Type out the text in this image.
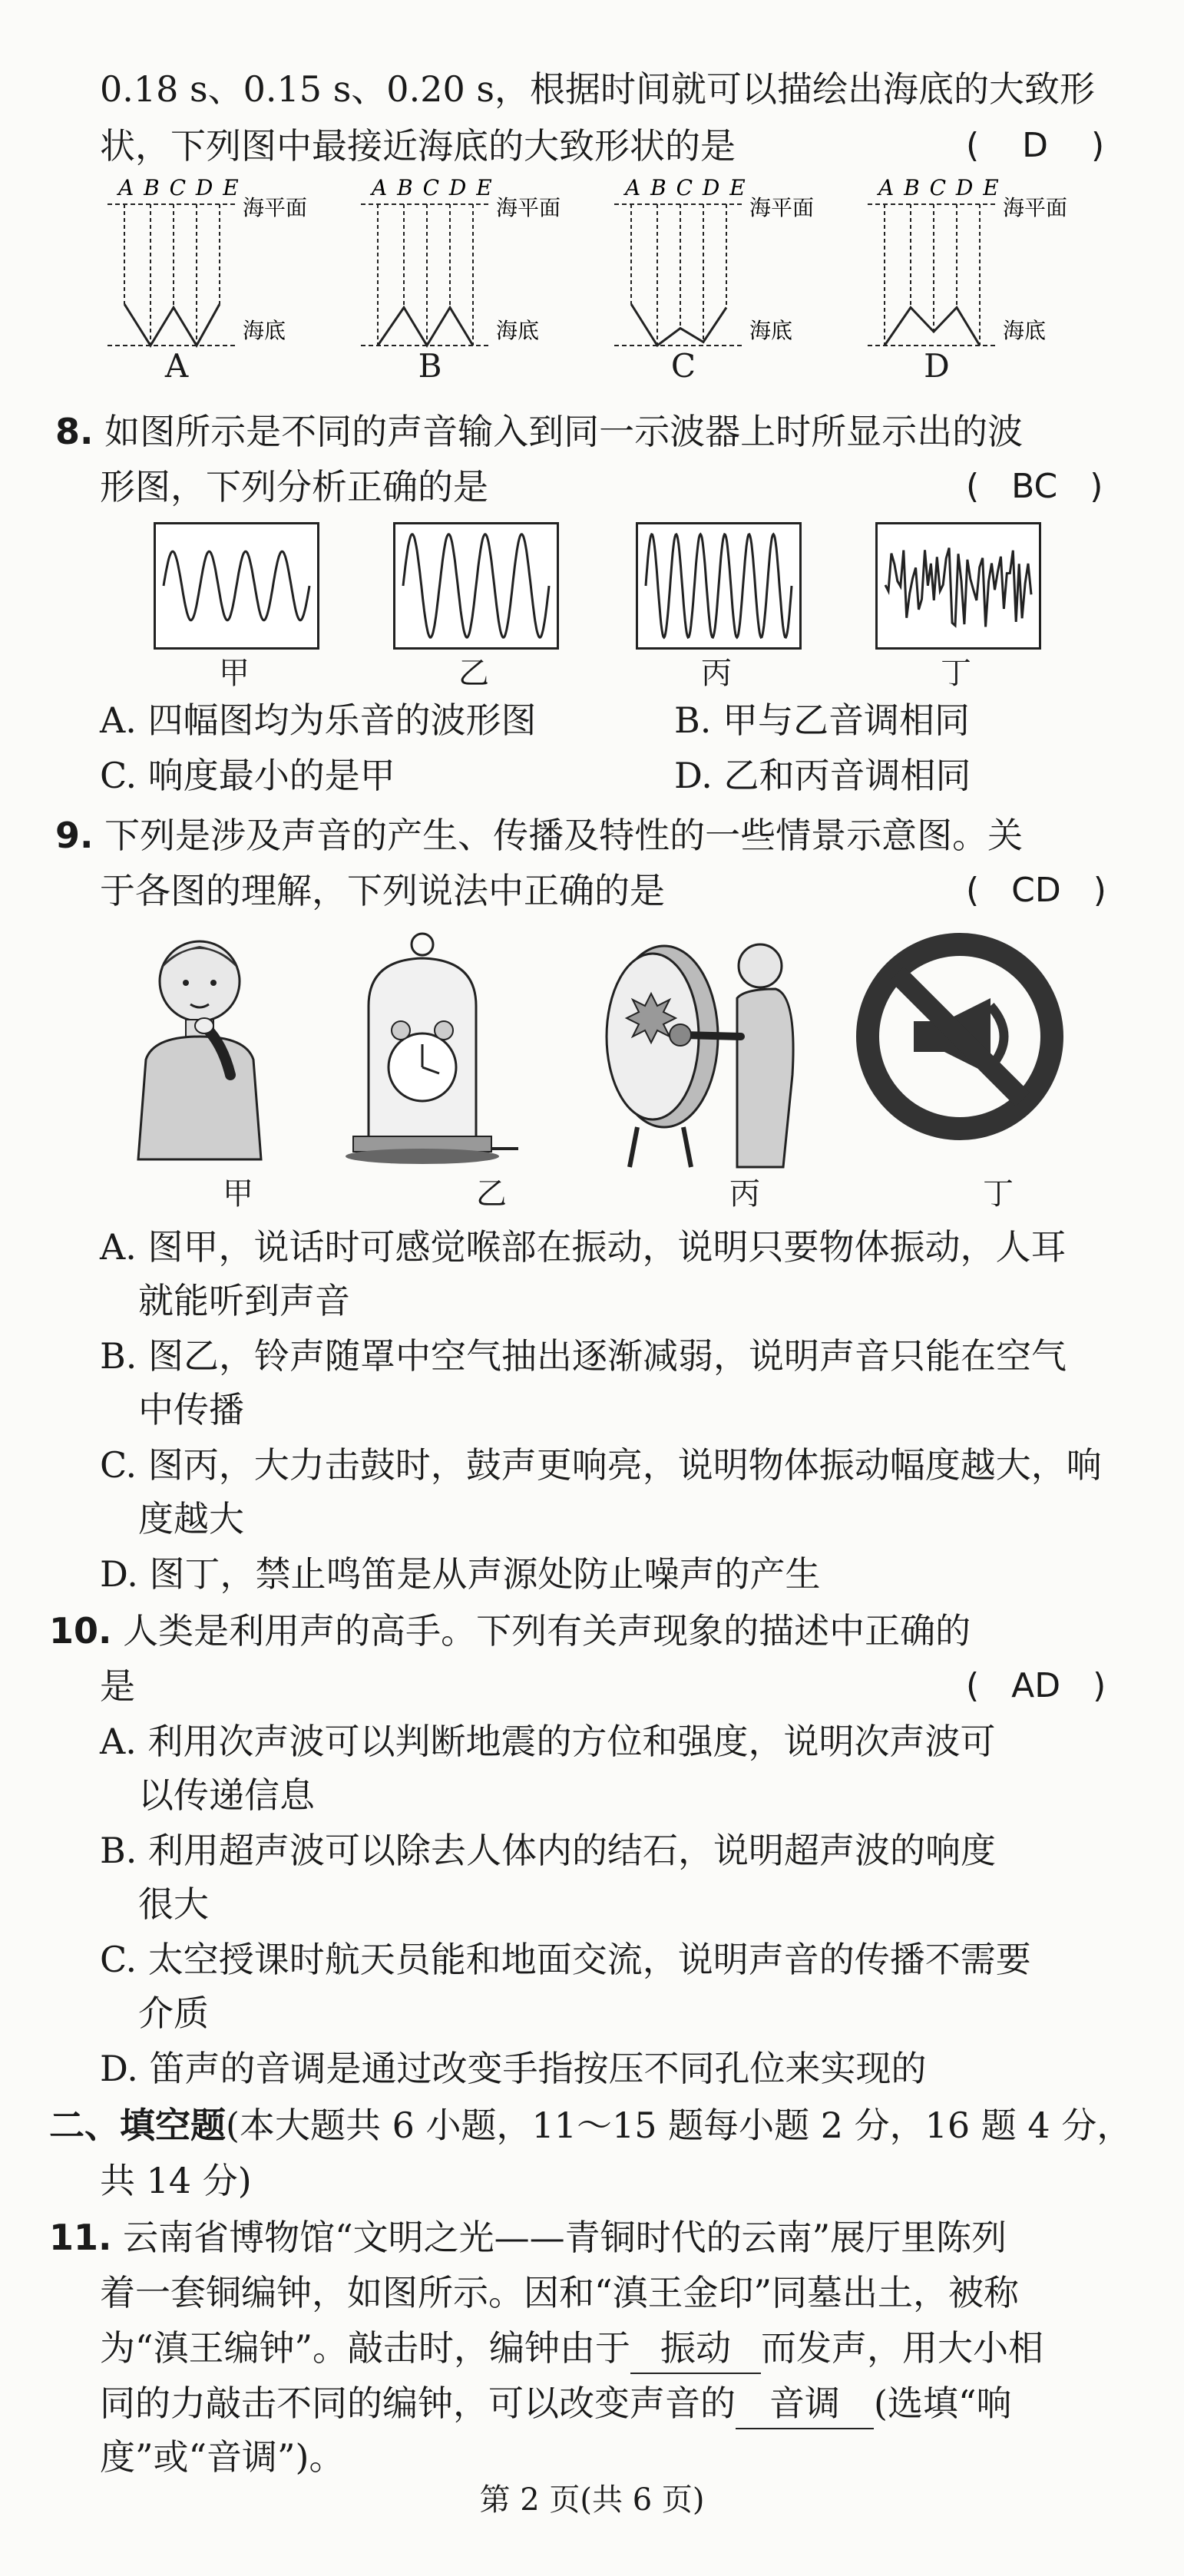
0.18 s、0.15 s、0.20 s，根据时间就可以描绘出海底的大致形
状，下列图中最接近海底的大致形状的是	( D )
A B C D E
海平面
海底
A
A B C D E
海平面
海底
B
A B C D E
海平面
海底
C
A B C D E
海平面
海底
D
8. 如图所示是不同的声音输入到同一示波器上时所显示出的波
形图，下列分析正确的是	( BC )
甲	乙	丙	丁
A. 四幅图均为乐音的波形图	B. 甲与乙音调相同
C. 响度最小的是甲	D. 乙和丙音调相同
9. 下列是涉及声音的产生、传播及特性的一些情景示意图。关
于各图的理解，下列说法中正确的是	( CD )
甲	乙	丙	丁
A. 图甲，说话时可感觉喉部在振动，说明只要物体振动，人耳
就能听到声音
B. 图乙，铃声随罩中空气抽出逐渐减弱，说明声音只能在空气
中传播
C. 图丙，大力击鼓时，鼓声更响亮，说明物体振动幅度越大，响
度越大
D. 图丁，禁止鸣笛是从声源处防止噪声的产生
10. 人类是利用声的高手。下列有关声现象的描述中正确的
是	( AD )
A. 利用次声波可以判断地震的方位和强度，说明次声波可
以传递信息
B. 利用超声波可以除去人体内的结石，说明超声波的响度
很大
C. 太空授课时航天员能和地面交流，说明声音的传播不需要
介质
D. 笛声的音调是通过改变手指按压不同孔位来实现的
二、填空题(本大题共 6 小题，11～15 题每小题 2 分，16 题 4 分，
共 14 分)
11. 云南省博物馆“文明之光——青铜时代的云南”展厅里陈列
着一套铜编钟，如图所示。因和“滇王金印”同墓出土，被称
为“滇王编钟”。敲击时，编钟由于 振动 而发声，用大小相
同的力敲击不同的编钟，可以改变声音的 音调 (选填“响
度”或“音调”)。
第 2 页(共 6 页)
